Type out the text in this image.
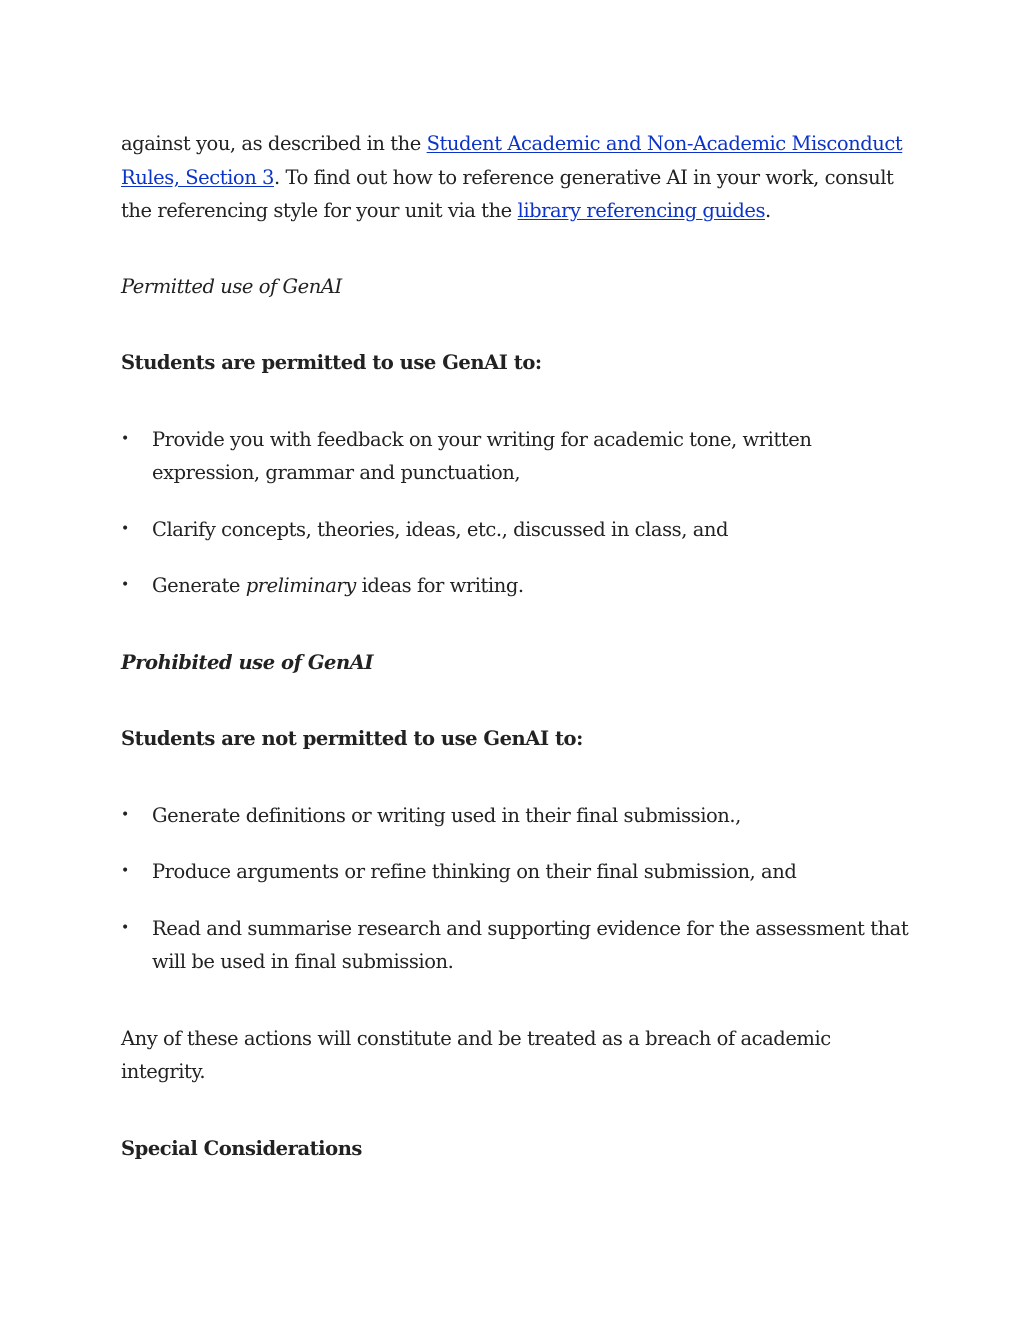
against you, as described in the Student Academic and Non-Academic Misconduct Rules, Section 3. To find out how to reference generative AI in your work, consult the referencing style for your unit via the library referencing guides.

Permitted use of GenAI

Students are permitted to use GenAI to:

• Provide you with feedback on your writing for academic tone, written expression, grammar and punctuation,
• Clarify concepts, theories, ideas, etc., discussed in class, and
• Generate preliminary ideas for writing.

Prohibited use of GenAI

Students are not permitted to use GenAI to:

• Generate definitions or writing used in their final submission.,
• Produce arguments or refine thinking on their final submission, and
• Read and summarise research and supporting evidence for the assessment that will be used in final submission.

Any of these actions will constitute and be treated as a breach of academic integrity.

Special Considerations
